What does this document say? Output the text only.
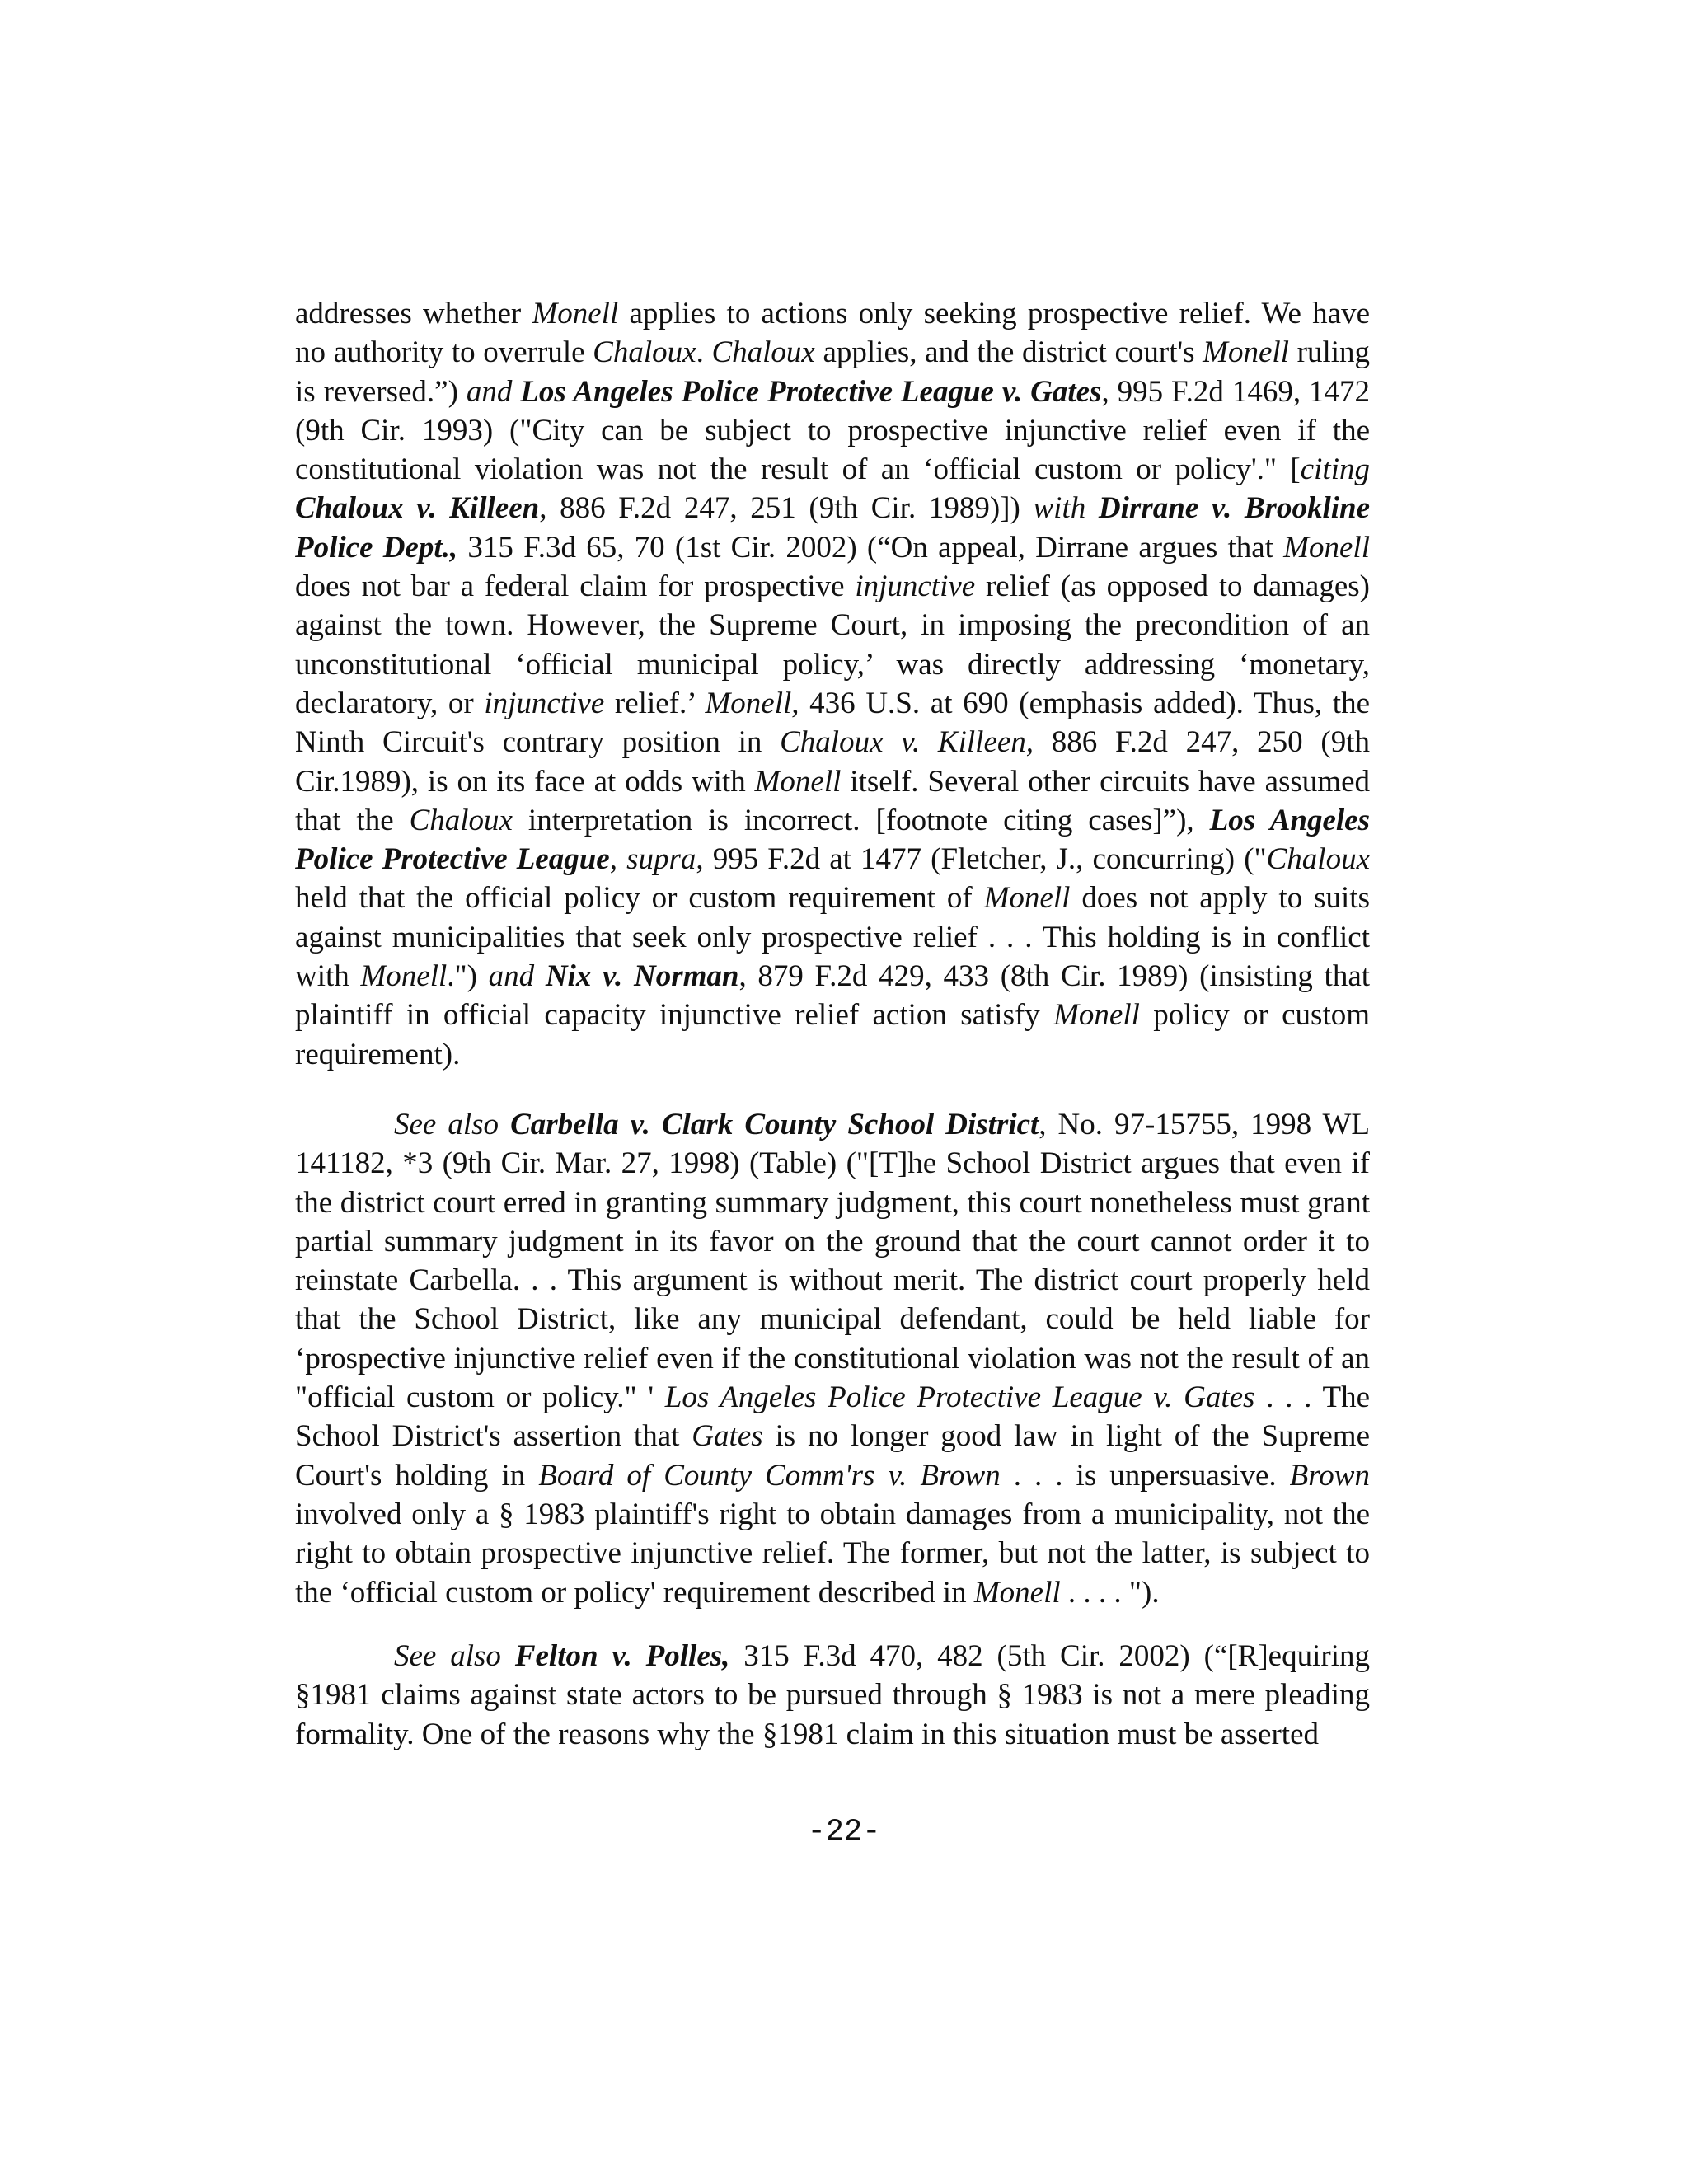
addresses whether Monell applies to actions only seeking prospective relief. We have no authority to overrule Chaloux. Chaloux applies, and the district court's Monell ruling is reversed.”) and Los Angeles Police Protective League v. Gates, 995 F.2d 1469, 1472 (9th Cir. 1993) ("City can be subject to prospective injunctive relief even if the constitutional violation was not the result of an ‘official custom or policy'." [citing Chaloux v. Killeen, 886 F.2d 247, 251 (9th Cir. 1989)]) with Dirrane v. Brookline Police Dept., 315 F.3d 65, 70 (1st Cir. 2002) (“On appeal, Dirrane argues that Monell does not bar a federal claim for prospective injunctive relief (as opposed to damages) against the town. However, the Supreme Court, in imposing the precondition of an unconstitutional ‘official municipal policy,’ was directly addressing ‘monetary, declaratory, or injunctive relief.’ Monell, 436 U.S. at 690 (emphasis added). Thus, the Ninth Circuit's contrary position in Chaloux v. Killeen, 886 F.2d 247, 250 (9th Cir.1989), is on its face at odds with Monell itself. Several other circuits have assumed that the Chaloux interpretation is incorrect. [footnote citing cases]”), Los Angeles Police Protective League, supra, 995 F.2d at 1477 (Fletcher, J., concurring) ("Chaloux held that the official policy or custom requirement of Monell does not apply to suits against municipalities that seek only prospective relief . . . This holding is in conflict with Monell.") and Nix v. Norman, 879 F.2d 429, 433 (8th Cir. 1989) (insisting that plaintiff in official capacity injunctive relief action satisfy Monell policy or custom requirement).

See also Carbella v. Clark County School District, No. 97-15755, 1998 WL 141182, *3 (9th Cir. Mar. 27, 1998) (Table) ("[T]he School District argues that even if the district court erred in granting summary judgment, this court nonetheless must grant partial summary judgment in its favor on the ground that the court cannot order it to reinstate Carbella. . . This argument is without merit. The district court properly held that the School District, like any municipal defendant, could be held liable for ‘prospective injunctive relief even if the constitutional violation was not the result of an "official custom or policy." ' Los Angeles Police Protective League v. Gates . . . The School District's assertion that Gates is no longer good law in light of the Supreme Court's holding in Board of County Comm'rs v. Brown . . . is unpersuasive. Brown involved only a § 1983 plaintiff's right to obtain damages from a municipality, not the right to obtain prospective injunctive relief. The former, but not the latter, is subject to the ‘official custom or policy' requirement described in Monell . . . . ").

See also Felton v. Polles, 315 F.3d 470, 482 (5th Cir. 2002) (“[R]equiring §1981 claims against state actors to be pursued through § 1983 is not a mere pleading formality. One of the reasons why the §1981 claim in this situation must be asserted

-22-
